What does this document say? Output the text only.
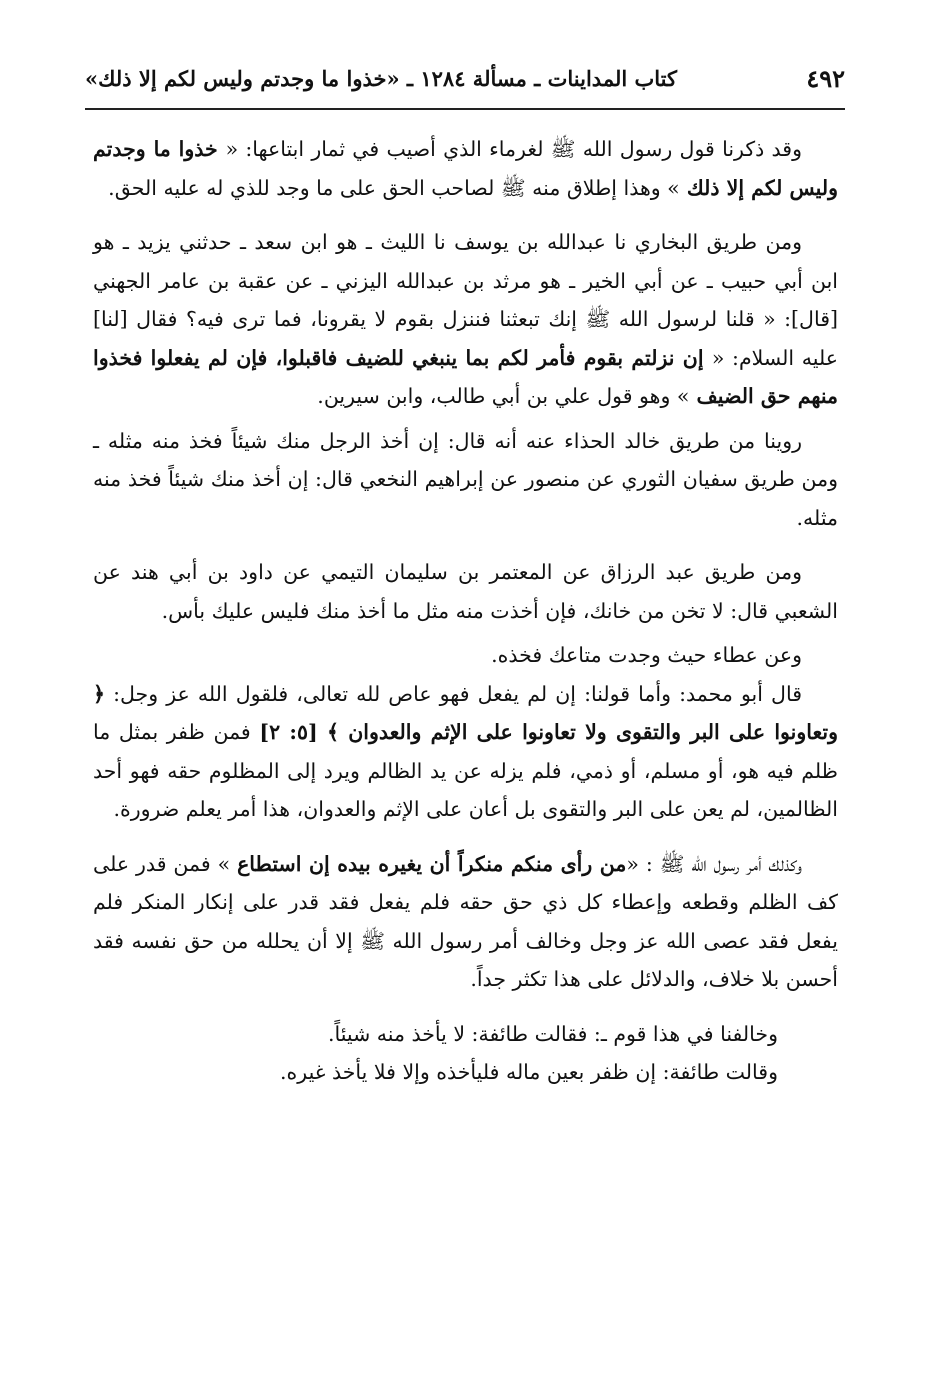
٤٩٢
كتاب المداينات ـ مسألة ١٢٨٤ ـ «خذوا ما وجدتم وليس لكم إلا ذلك»

وقد ذكرنا قول رسول الله ﷺ لغرماء الذي أصيب في ثمار ابتاعها: « خذوا ما وجدتم وليس لكم إلا ذلك » وهذا إطلاق منه ﷺ لصاحب الحق على ما وجد للذي له عليه الحق.

ومن طريق البخاري نا عبدالله بن يوسف نا الليث ـ هو ابن سعد ـ حدثني يزيد ـ هو ابن أبي حبيب ـ عن أبي الخير ـ هو مرثد بن عبدالله اليزني ـ عن عقبة بن عامر الجهني [قال]: « قلنا لرسول الله ﷺ إنك تبعثنا فننزل بقوم لا يقرونا، فما ترى فيه؟ فقال [لنا] عليه السلام: « إن نزلتم بقوم فأمر لكم بما ينبغي للضيف فاقبلوا، فإن لم يفعلوا فخذوا منهم حق الضيف » وهو قول علي بن أبي طالب، وابن سيرين.

روينا من طريق خالد الحذاء عنه أنه قال: إن أخذ الرجل منك شيئاً فخذ منه مثله ـ ومن طريق سفيان الثوري عن منصور عن إبراهيم النخعي قال: إن أخذ منك شيئاً فخذ منه مثله.

ومن طريق عبد الرزاق عن المعتمر بن سليمان التيمي عن داود بن أبي هند عن الشعبي قال: لا تخن من خانك، فإن أخذت منه مثل ما أخذ منك فليس عليك بأس.

وعن عطاء حيث وجدت متاعك فخذه.

قال أبو محمد: وأما قولنا: إن لم يفعل فهو عاص لله تعالى، فلقول الله عز وجل: ﴿ وتعاونوا على البر والتقوى ولا تعاونوا على الإثم والعدوان ﴾ [٥: ٢] فمن ظفر بمثل ما ظلم فيه هو، أو مسلم، أو ذمي، فلم يزله عن يد الظالم ويرد إلى المظلوم حقه فهو أحد الظالمين، لم يعن على البر والتقوى بل أعان على الإثم والعدوان، هذا أمر يعلم ضرورة.

وكذلك أمر رسول الله ﷺ : «من رأى منكم منكراً أن يغيره بيده إن استطاع » فمن قدر على كف الظلم وقطعه وإعطاء كل ذي حق حقه فلم يفعل فقد قدر على إنكار المنكر فلم يفعل فقد عصى الله عز وجل وخالف أمر رسول الله ﷺ إلا أن يحلله من حق نفسه فقد أحسن بلا خلاف، والدلائل على هذا تكثر جداً.

وخالفنا في هذا قوم ـ: فقالت طائفة: لا يأخذ منه شيئاً.

وقالت طائفة: إن ظفر بعين ماله فليأخذه وإلا فلا يأخذ غيره.
